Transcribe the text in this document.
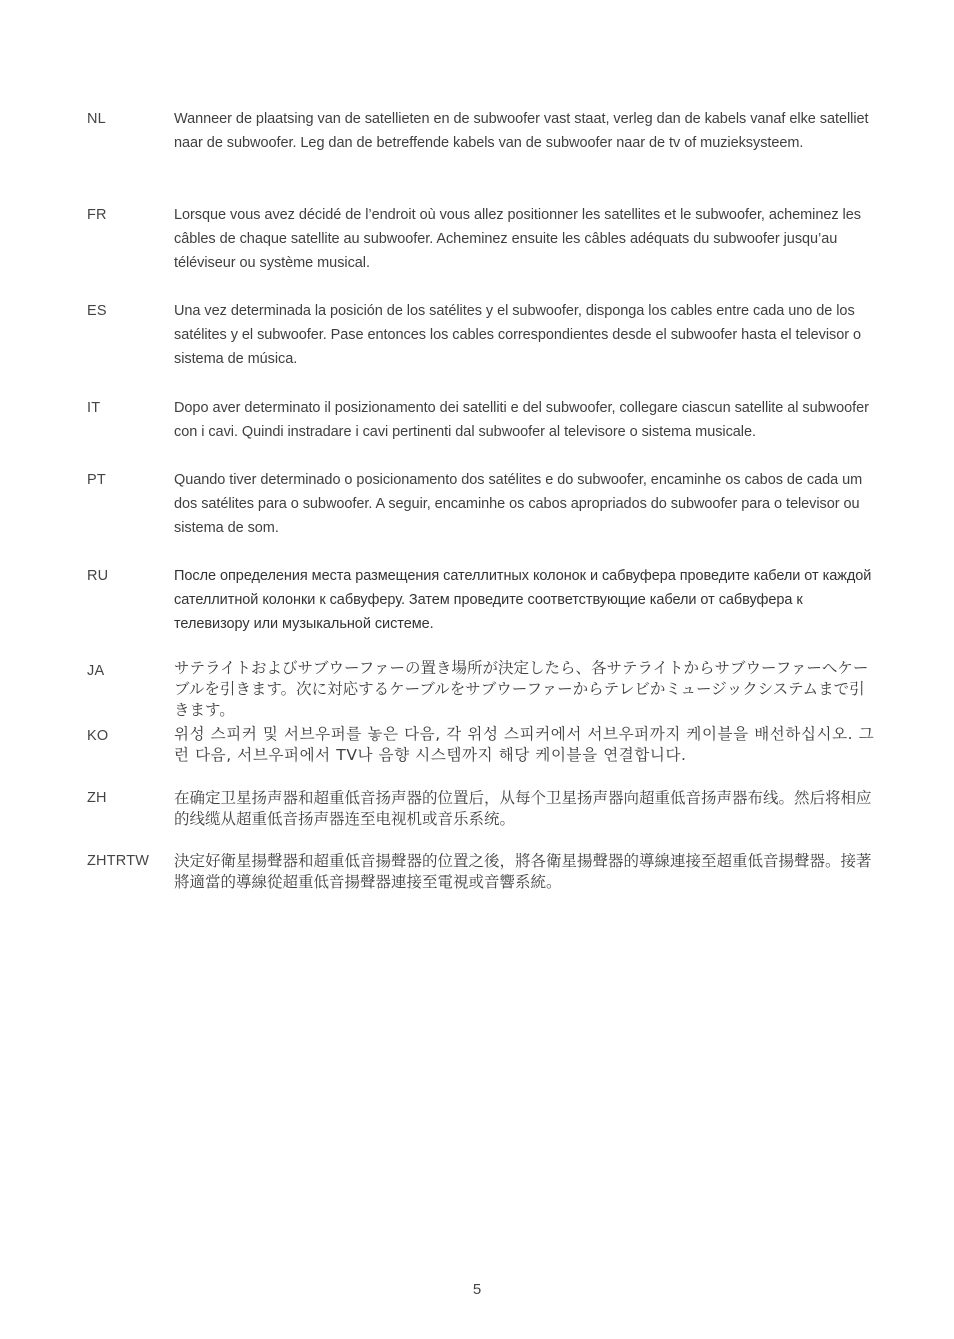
NL	Wanneer de plaatsing van de satellieten en de subwoofer vast staat, verleg dan de kabels vanaf elke satelliet naar de subwoofer. Leg dan de betreffende kabels van de subwoofer naar de tv of muzieksysteem.
FR	Lorsque vous avez décidé de l’endroit où vous allez positionner les satellites et le subwoofer, acheminez les câbles de chaque satellite au subwoofer. Acheminez ensuite les câbles adéquats du subwoofer jusqu’au téléviseur ou système musical.
ES	Una vez determinada la posición de los satélites y el subwoofer, disponga los cables entre cada uno de los satélites y el subwoofer. Pase entonces los cables correspondientes desde el subwoofer hasta el televisor o sistema de música.
IT	Dopo aver determinato il posizionamento dei satelliti e del subwoofer, collegare ciascun satellite al subwoofer con i cavi. Quindi instradare i cavi pertinenti dal subwoofer al televisore o sistema musicale.
PT	Quando tiver determinado o posicionamento dos satélites e do subwoofer, encaminhe os cabos de cada um dos satélites para o subwoofer. A seguir, encaminhe os cabos apropriados do subwoofer para o televisor ou sistema de som.
RU	После определения места размещения сателлитных колонок и сабвуфера проведите кабели от каждой сателлитной колонки к сабвуферу. Затем проведите соответствующие кабели от сабвуфера к телевизору или музыкальной системе.
JA	サテライトおよびサブウーファーの置き場所が決定したら、各サテライトからサブウーファーへケーブルを引きます。次に対応するケーブルをサブウーファーからテレビかミュージックシステムまで引きます。
KO	위성 스피커 및 서브우퍼를 놓은 다음, 각 위성 스피커에서 서브우퍼까지 케이블을 배선하십시오. 그런 다음, 서브우퍼에서 TV나 음향 시스템까지 해당 케이블을 연결합니다.
ZH	在确定卫星扬声器和超重低音扬声器的位置后，从每个卫星扬声器向超重低音扬声器布线。然后将相应的线缆从超重低音扬声器连至电视机或音乐系统。
ZHTRTW 決定好衛星揚聲器和超重低音揚聲器的位置之後，將各衛星揚聲器的導線連接至超重低音揚聲器。接著將適當的導線從超重低音揚聲器連接至電視或音響系統。
5
